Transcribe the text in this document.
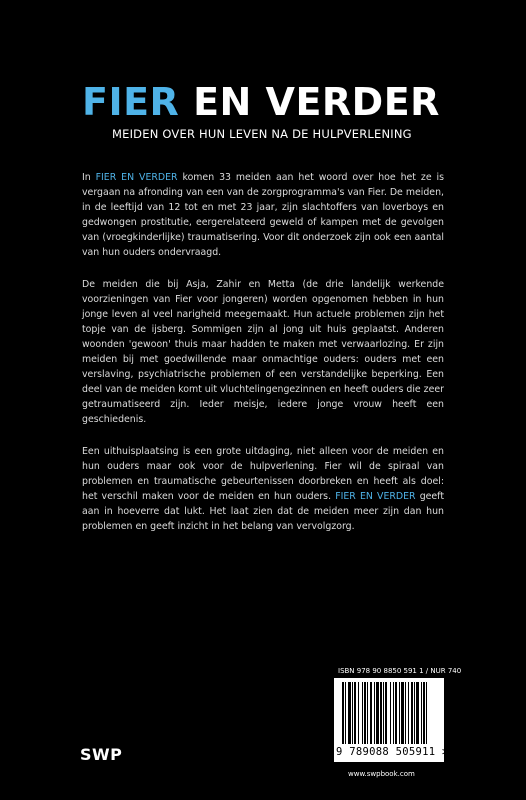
FIER EN VERDER
MEIDEN OVER HUN LEVEN NA DE HULPVERLENING

In FIER EN VERDER komen 33 meiden aan het woord over hoe het ze is vergaan na afronding van een van de zorgprogramma's van Fier. De meiden, in de leeftijd van 12 tot en met 23 jaar, zijn slachtoffers van loverboys en gedwongen prostitutie, eergerelateerd geweld of kampen met de gevolgen van (vroegkinderlijke) traumatisering. Voor dit onderzoek zijn ook een aantal van hun ouders ondervraagd.

De meiden die bij Asja, Zahir en Metta (de drie landelijk werkende voorzieningen van Fier voor jongeren) worden opgenomen hebben in hun jonge leven al veel narigheid meegemaakt. Hun actuele problemen zijn het topje van de ijsberg. Sommigen zijn al jong uit huis geplaatst. Anderen woonden 'gewoon' thuis maar hadden te maken met verwaarlozing. Er zijn meiden bij met goedwillende maar onmachtige ouders: ouders met een verslaving, psychiatrische problemen of een verstandelijke beperking. Een deel van de meiden komt uit vluchtelingengezinnen en heeft ouders die zeer getraumatiseerd zijn. Ieder meisje, iedere jonge vrouw heeft een geschiedenis.

Een uithuisplaatsing is een grote uitdaging, niet alleen voor de meiden en hun ouders maar ook voor de hulpverlening. Fier wil de spiraal van problemen en traumatische gebeurtenissen doorbreken en heeft als doel: het verschil maken voor de meiden en hun ouders. FIER EN VERDER geeft aan in hoeverre dat lukt. Het laat zien dat de meiden meer zijn dan hun problemen en geeft inzicht in het belang van vervolgzorg.

ISBN 978 90 8850 591 1 / NUR 740
9 789088 505911 >
www.swpbook.com
SWP
